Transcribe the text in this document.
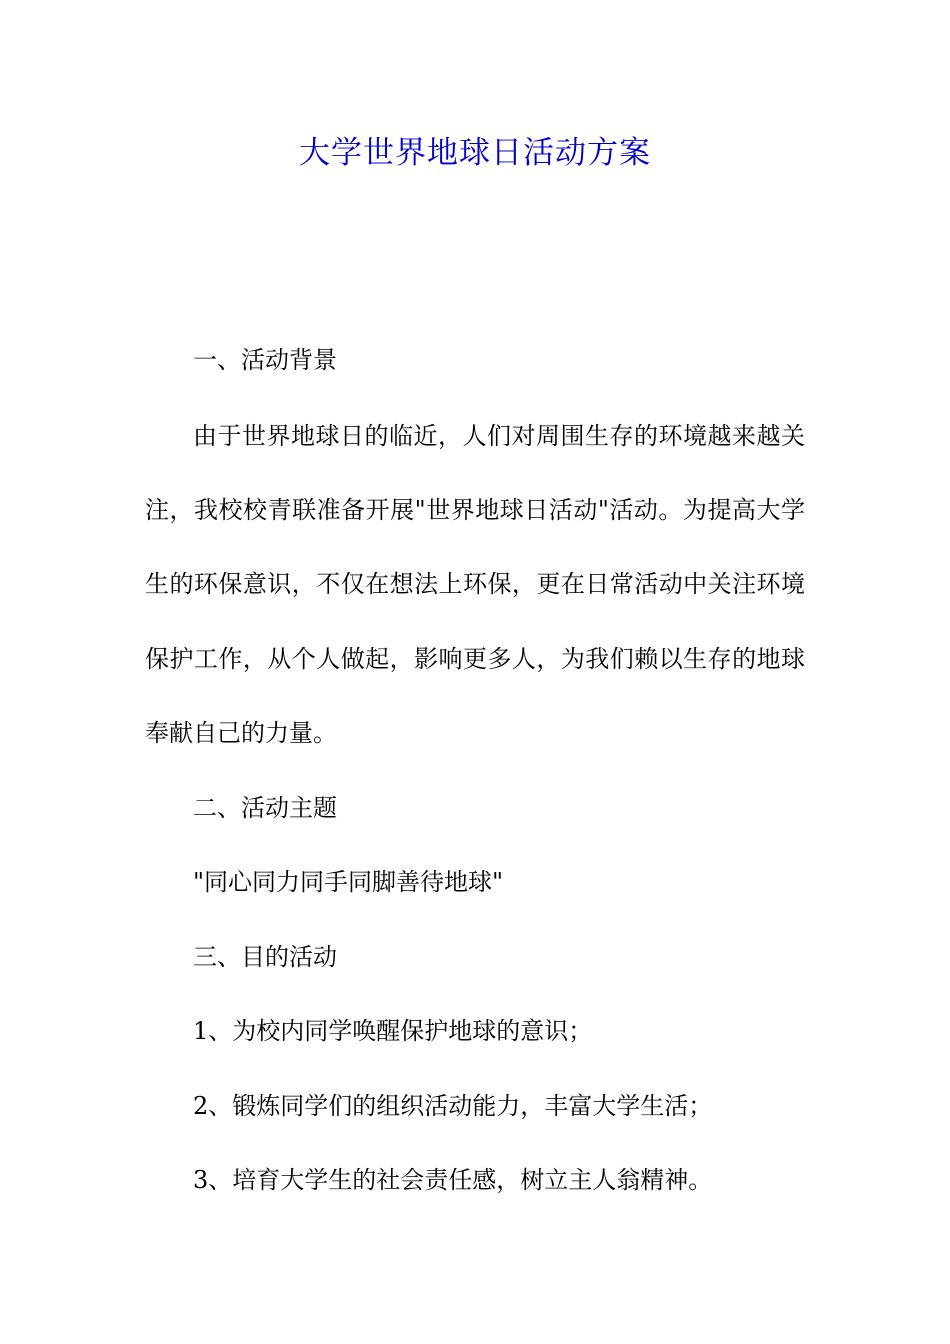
大学世界地球日活动方案
一、活动背景
由于世界地球日的临近，人们对周围生存的环境越来越关
注，我校校青联准备开展"世界地球日活动"活动。为提高大学
生的环保意识，不仅在想法上环保，更在日常活动中关注环境
保护工作，从个人做起，影响更多人，为我们赖以生存的地球
奉献自己的力量。
二、活动主题
"同心同力同手同脚善待地球"
三、目的活动
1、为校内同学唤醒保护地球的意识；
2、锻炼同学们的组织活动能力，丰富大学生活；
3、培育大学生的社会责任感，树立主人翁精神。
